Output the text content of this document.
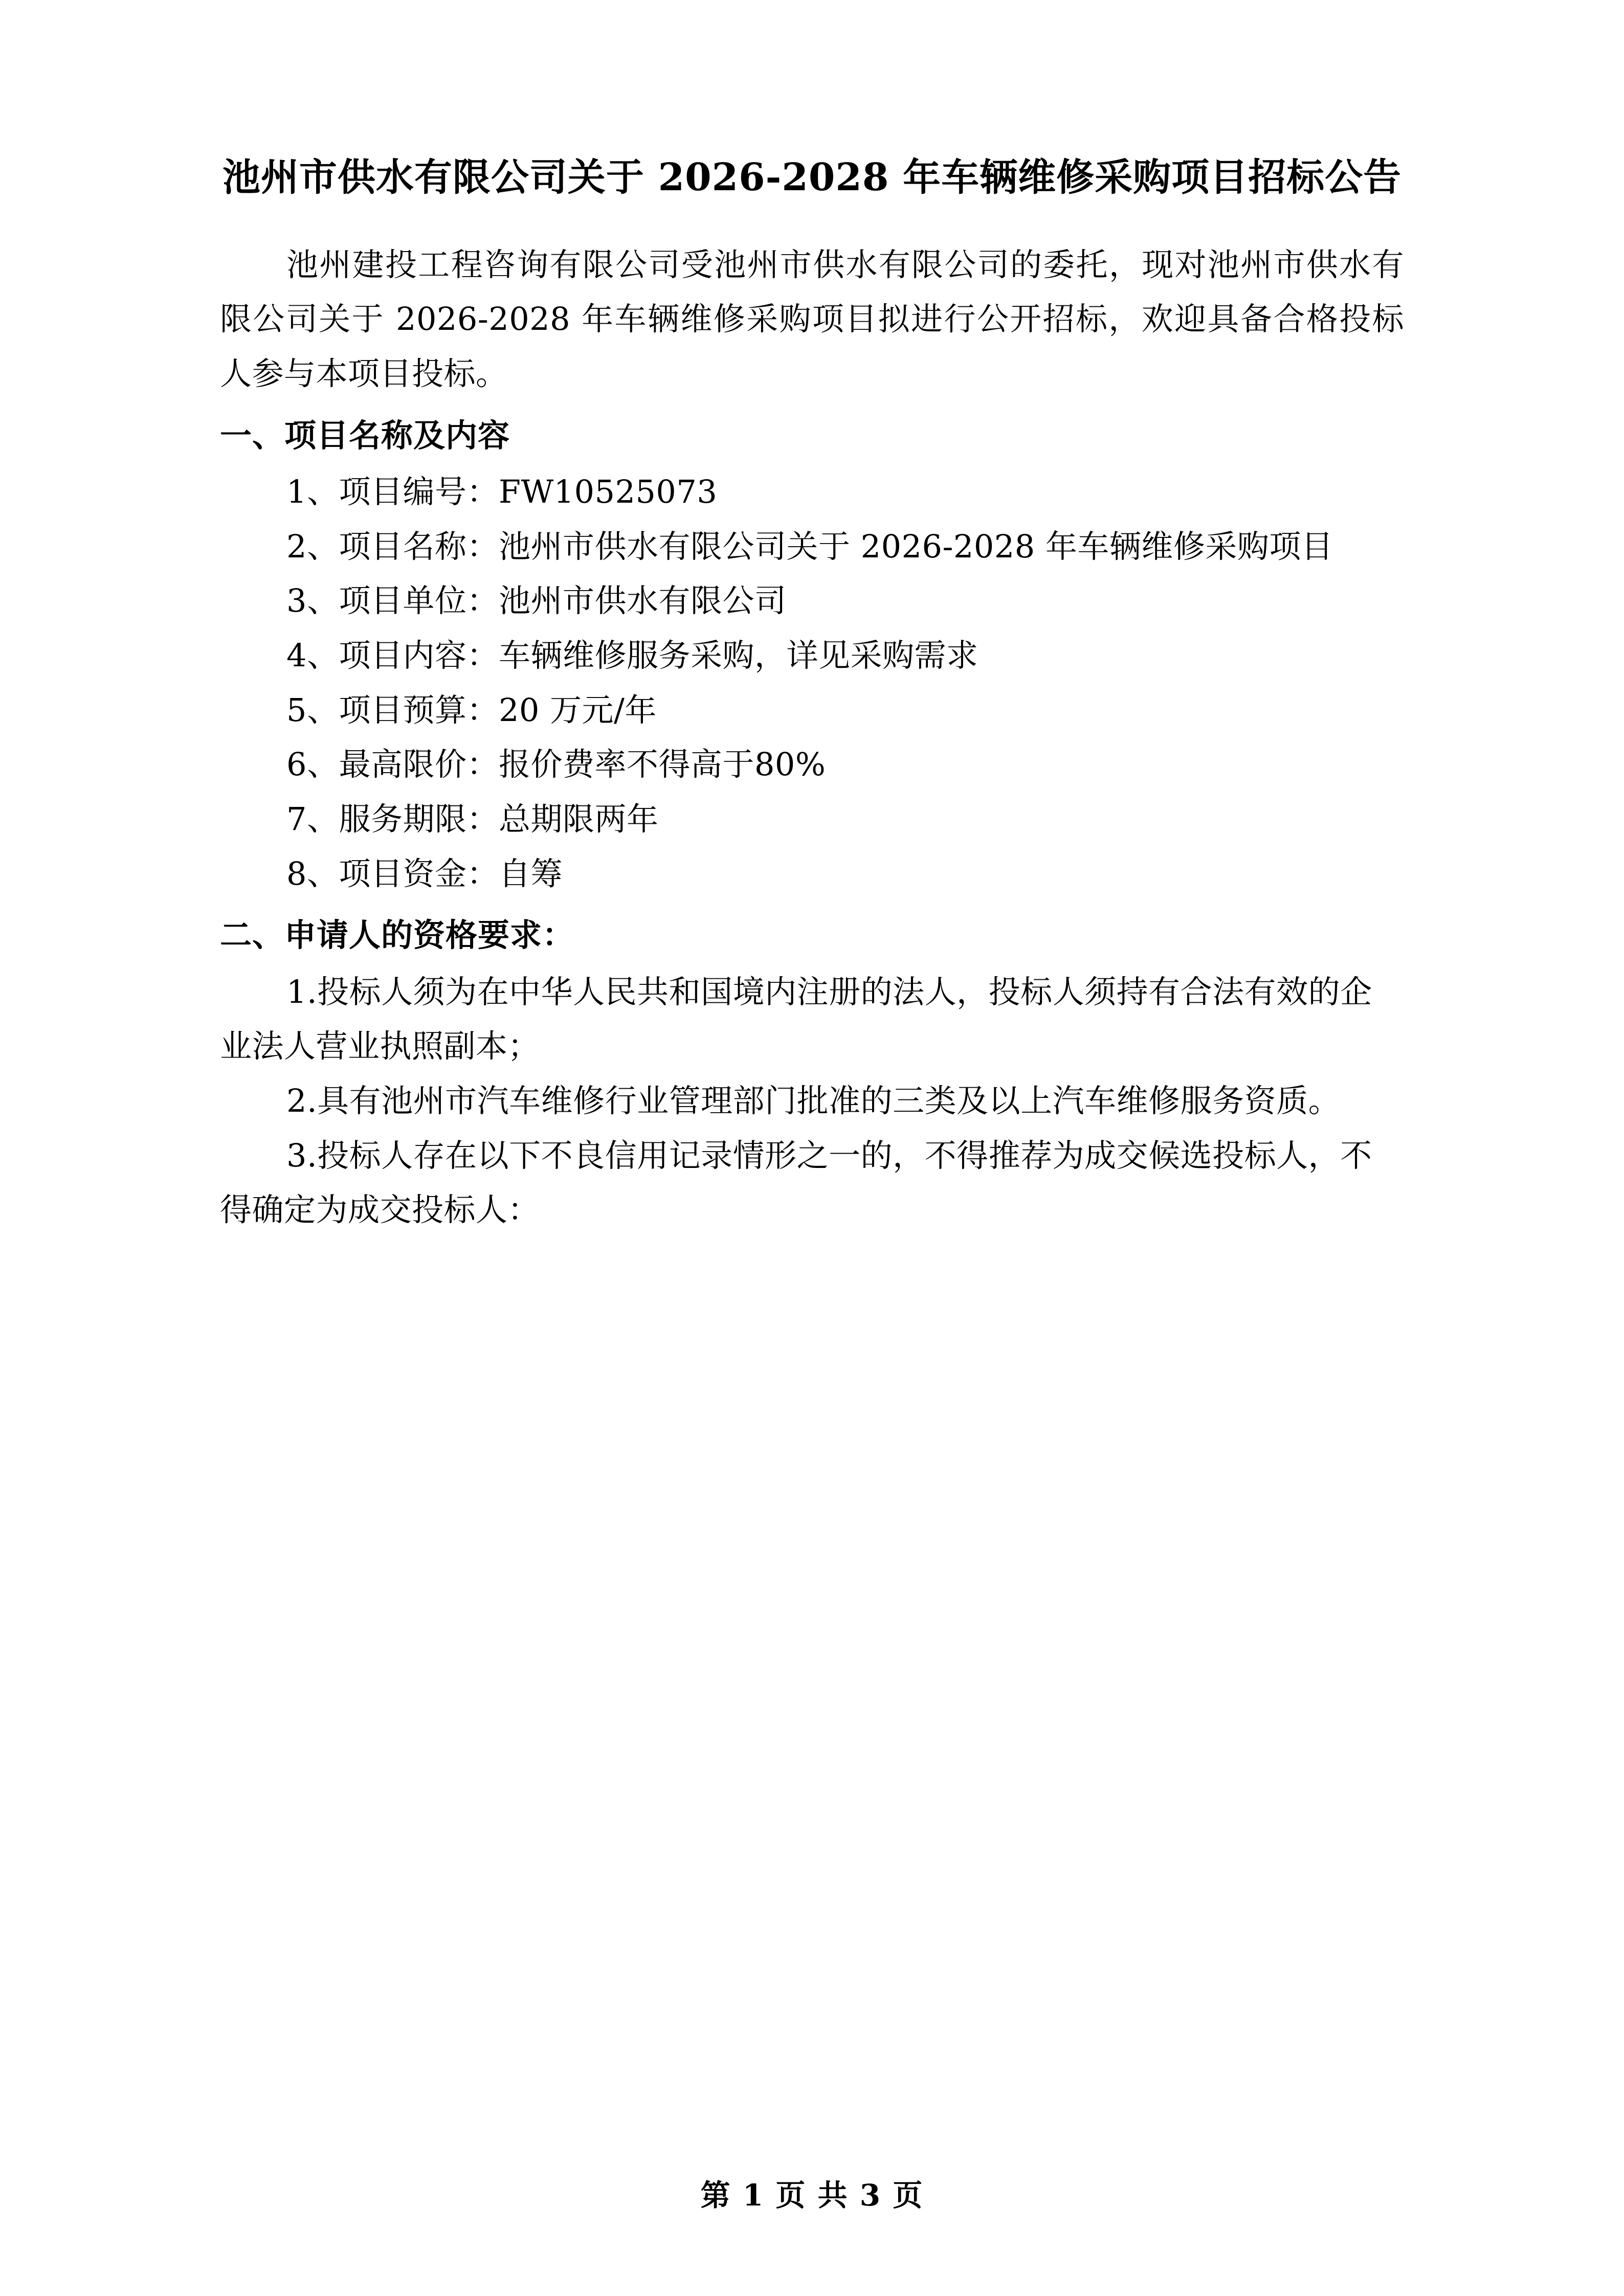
池州市供水有限公司关于 2026-2028 年车辆维修采购项目招标公告

池州建投工程咨询有限公司受池州市供水有限公司的委托，现对池州市供水有限公司关于 2026-2028 年车辆维修采购项目拟进行公开招标，欢迎具备合格投标人参与本项目投标。

一、项目名称及内容

1、项目编号：FW10525073

2、项目名称：池州市供水有限公司关于 2026-2028 年车辆维修采购项目

3、项目单位：池州市供水有限公司

4、项目内容：车辆维修服务采购，详见采购需求

5、项目预算：20 万元/年

6、最高限价：报价费率不得高于80%

7、服务期限：总期限两年

8、项目资金：自筹

二、申请人的资格要求：

1.投标人须为在中华人民共和国境内注册的法人，投标人须持有合法有效的企业法人营业执照副本；

2.具有池州市汽车维修行业管理部门批准的三类及以上汽车维修服务资质。

3.投标人存在以下不良信用记录情形之一的，不得推荐为成交候选投标人，不得确定为成交投标人：

第 1 页 共 3 页
